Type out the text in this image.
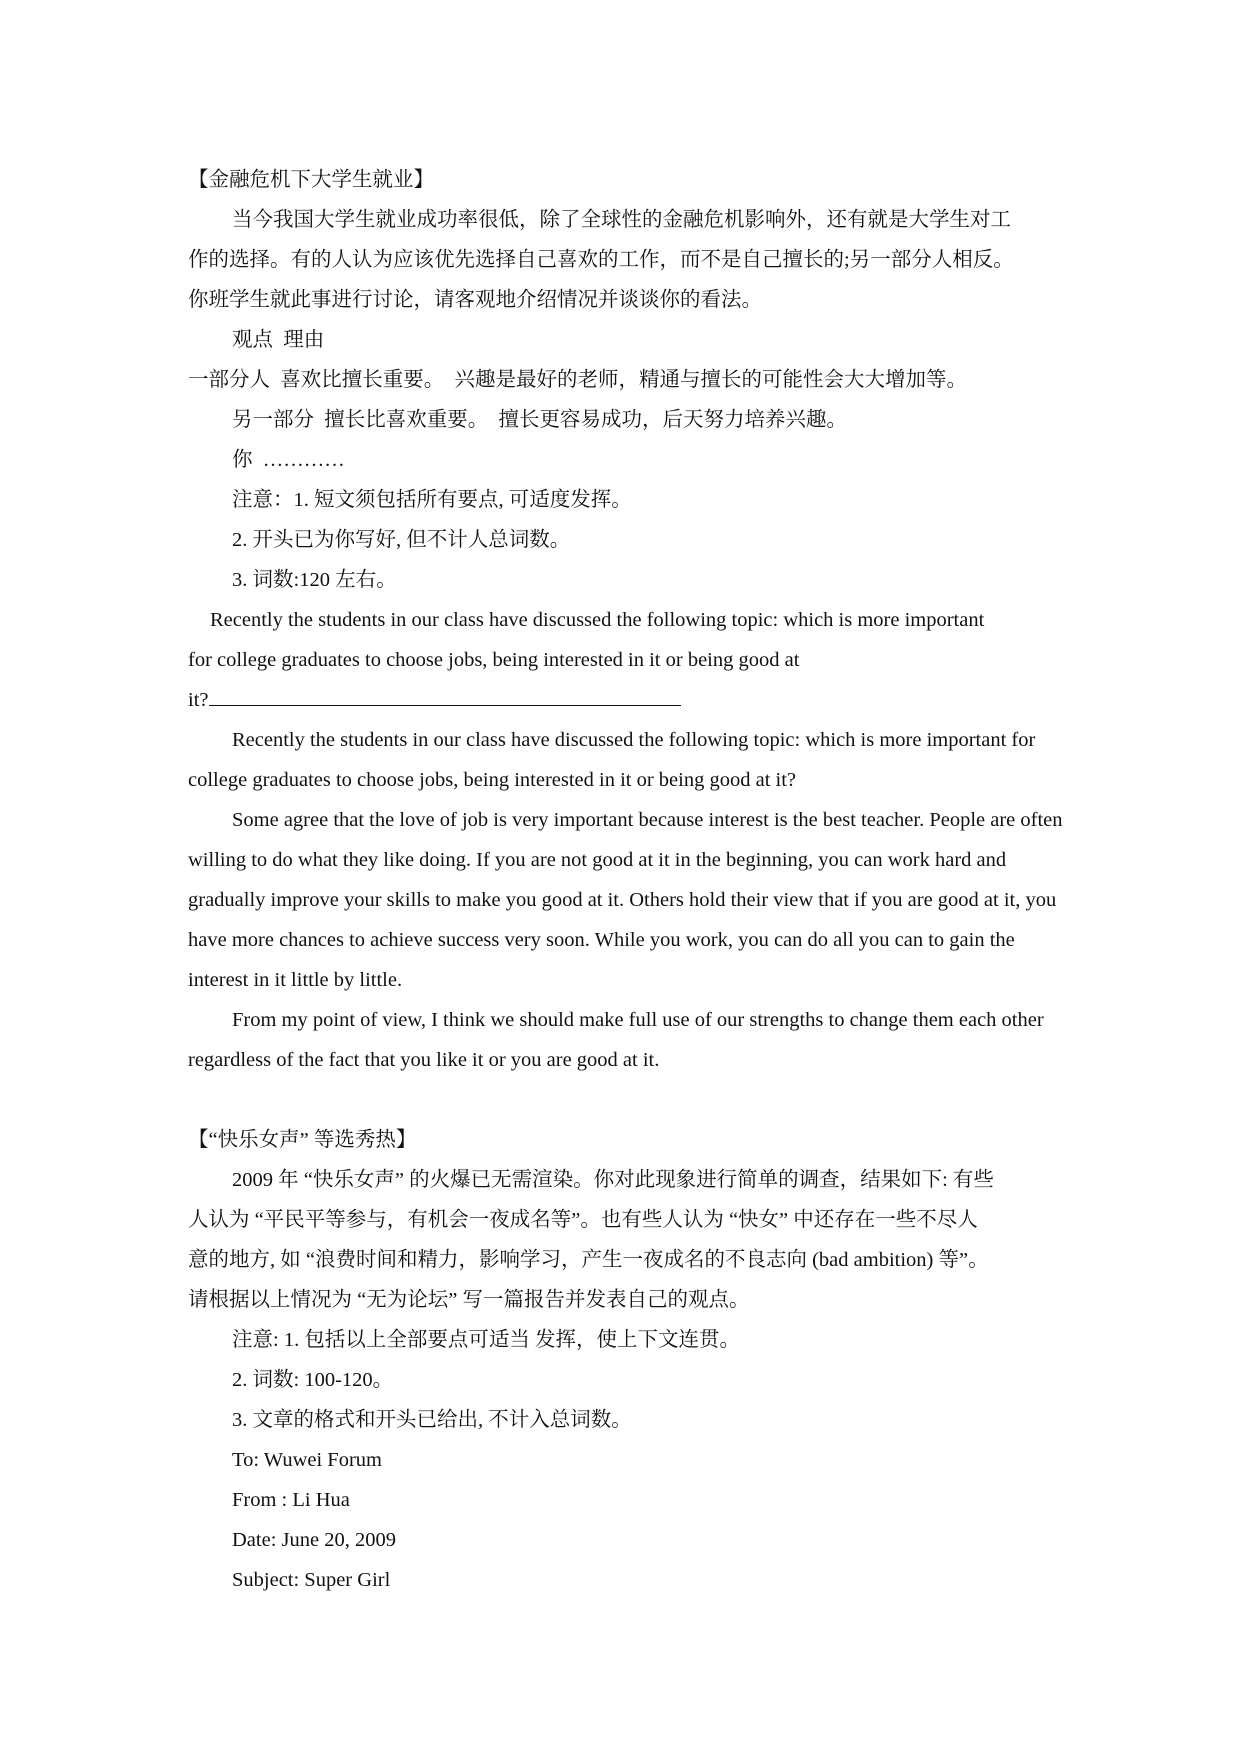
【金融危机下大学生就业】
当今我国大学生就业成功率很低，除了全球性的金融危机影响外，还有就是大学生对工
作的选择。有的人认为应该优先选择自己喜欢的工作，而不是自己擅长的;另一部分人相反。
你班学生就此事进行讨论，请客观地介绍情况并谈谈你的看法。
观点  理由
一部分人  喜欢比擅长重要。  兴趣是最好的老师，精通与擅长的可能性会大大增加等。
另一部分  擅长比喜欢重要。  擅长更容易成功，后天努力培养兴趣。
你  …………
注意：1. 短文须包括所有要点, 可适度发挥。
2. 开头已为你写好, 但不计人总词数。
3. 词数:120 左右。
Recently the students in our class have discussed the following topic: which is more important
for college graduates to choose jobs, being interested in it or being good at
it?
Recently the students in our class have discussed the following topic: which is more important for college graduates to choose jobs, being interested in it or being good at it?
Some agree that the love of job is very important because interest is the best teacher. People are often willing to do what they like doing. If you are not good at it in the beginning, you can work hard and gradually improve your skills to make you good at it. Others hold their view that if you are good at it, you have more chances to achieve success very soon. While you work, you can do all you can to gain the interest in it little by little.
From my point of view, I think we should make full use of our strengths to change them each other regardless of the fact that you like it or you are good at it.
【“快乐女声” 等选秀热】
2009 年 “快乐女声” 的火爆已无需渲染。你对此现象进行简单的调查，结果如下: 有些
人认为 “平民平等参与，有机会一夜成名等”。也有些人认为 “快女” 中还存在一些不尽人
意的地方, 如 “浪费时间和精力，影响学习，产生一夜成名的不良志向 (bad ambition) 等”。
请根据以上情况为 “无为论坛” 写一篇报告并发表自己的观点。
注意: 1. 包括以上全部要点可适当 发挥，使上下文连贯。
2. 词数: 100-120。
3. 文章的格式和开头已给出, 不计入总词数。
To: Wuwei Forum
From : Li Hua
Date: June 20, 2009
Subject: Super Girl
